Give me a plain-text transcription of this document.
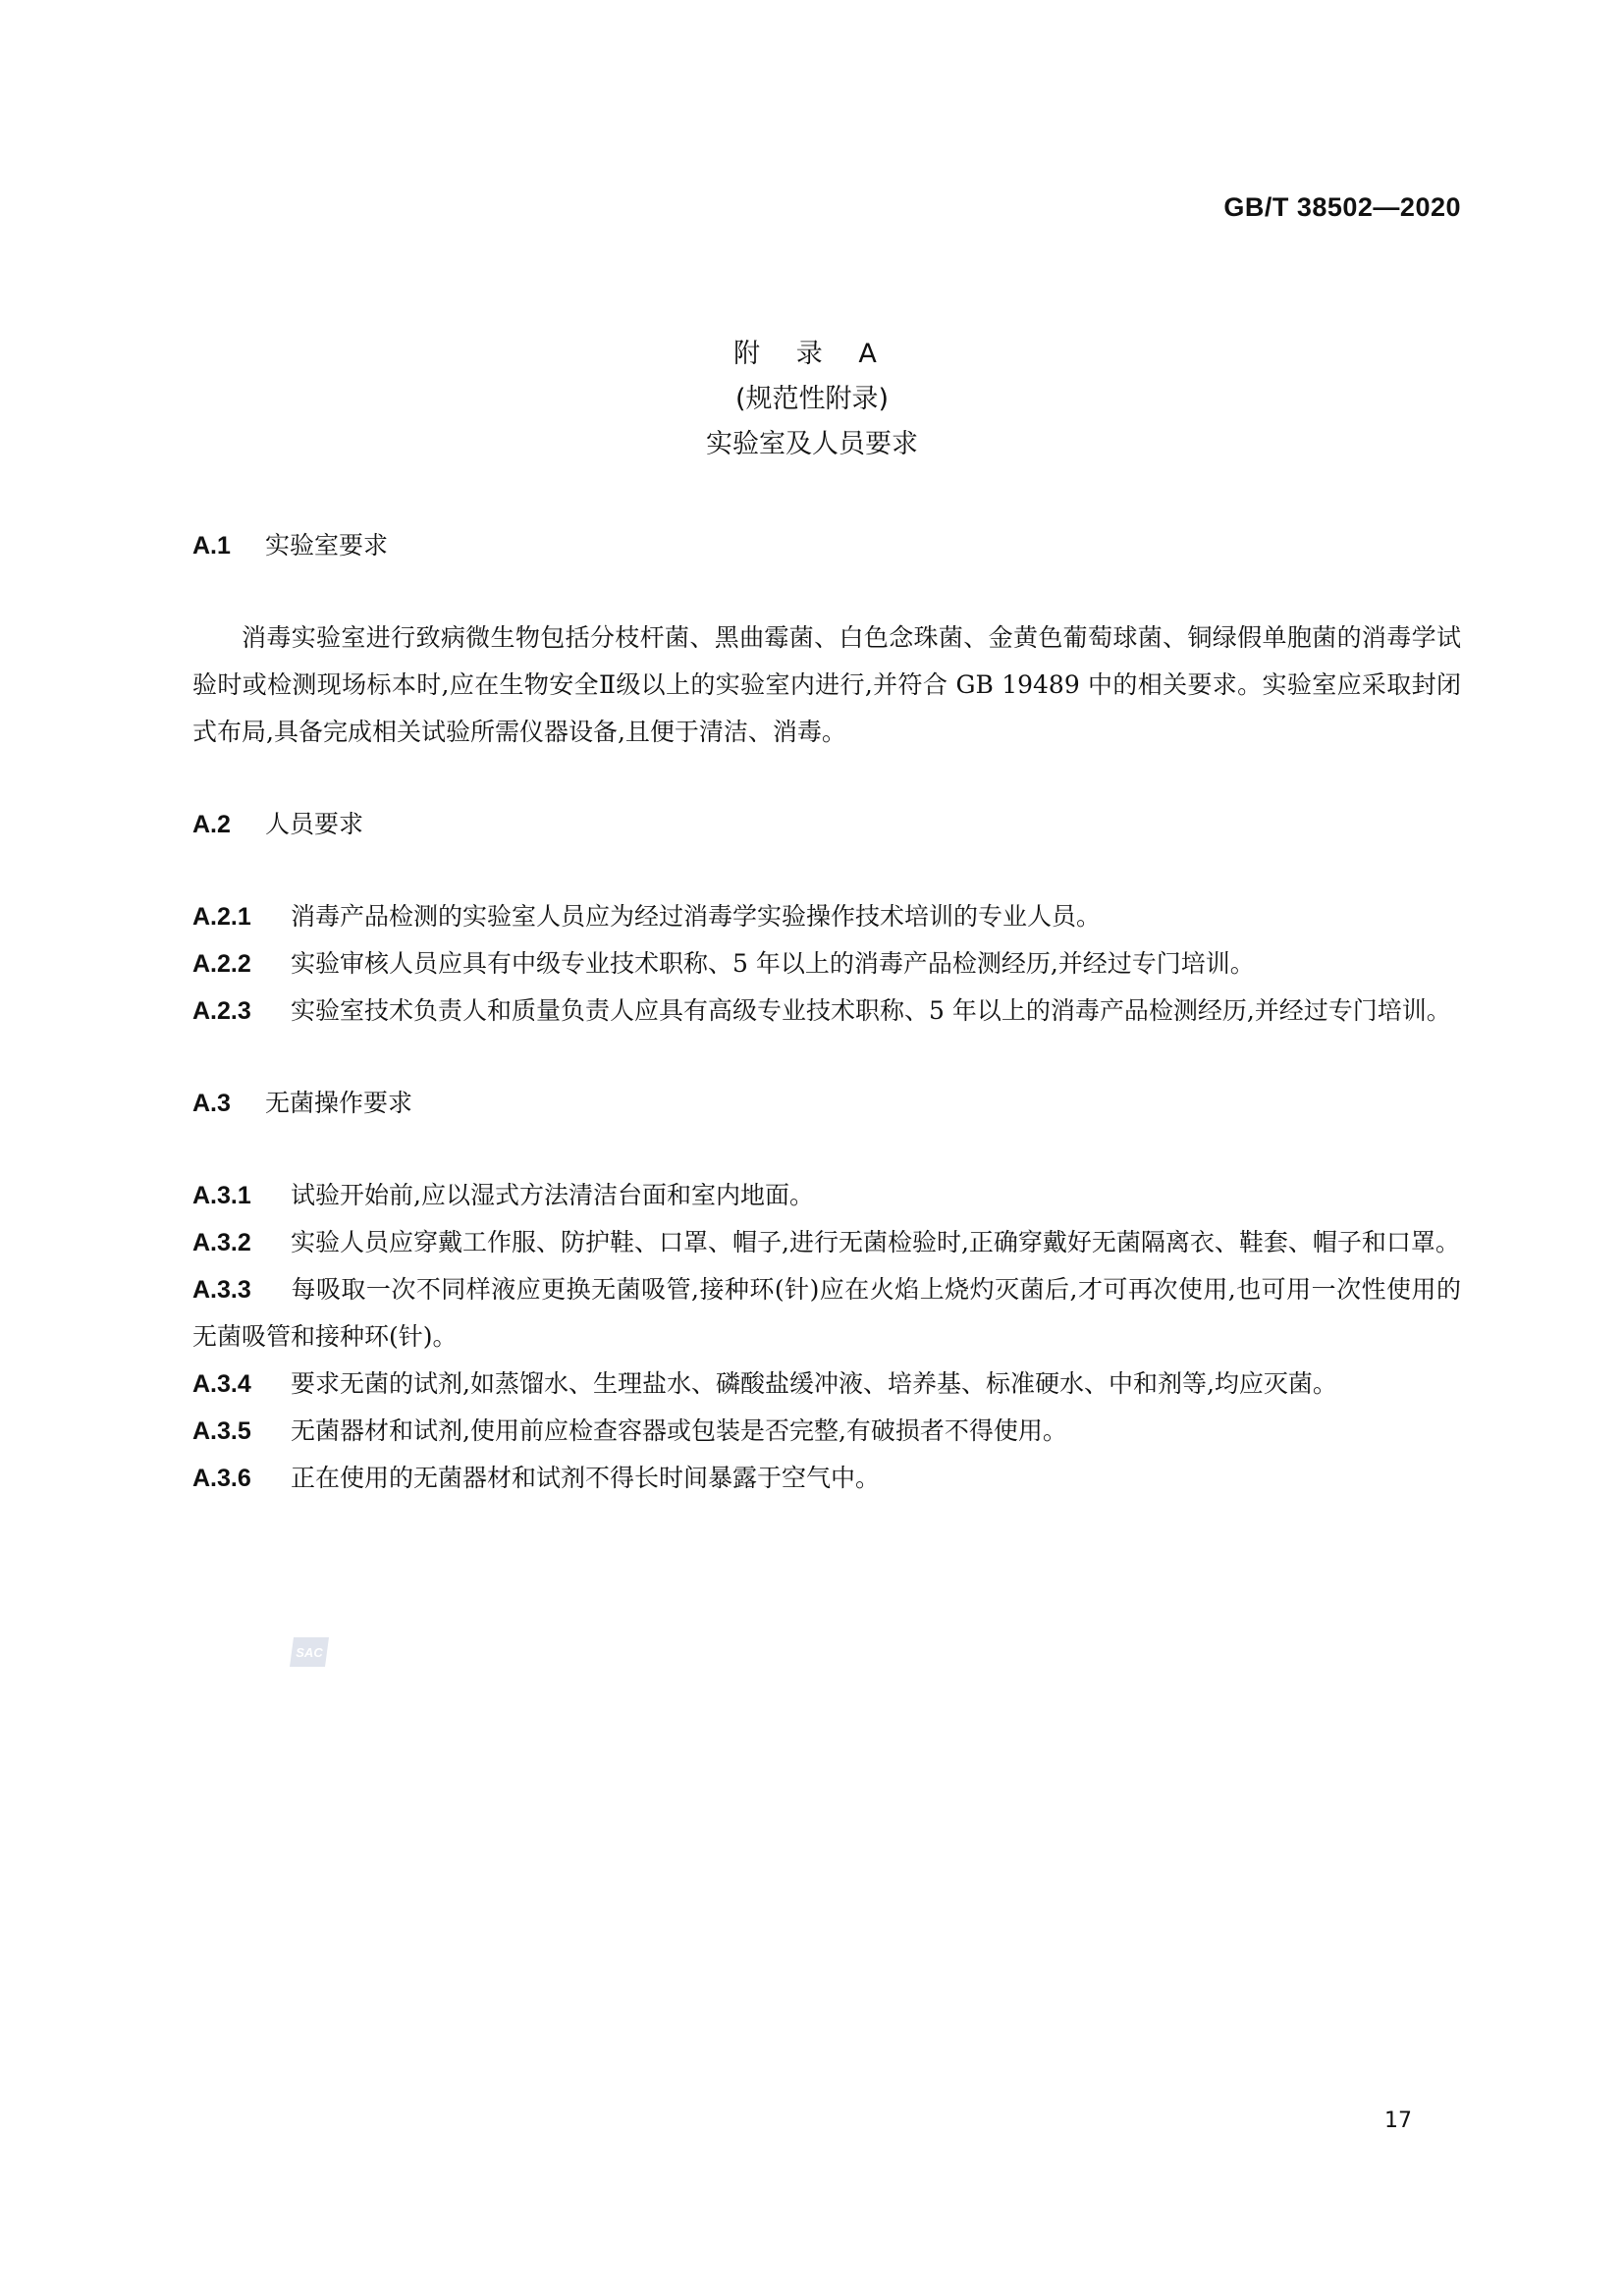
GB/T 38502—2020
附 录 A
(规范性附录)
实验室及人员要求
A.1 实验室要求

消毒实验室进行致病微生物包括分枝杆菌、黑曲霉菌、白色念珠菌、金黄色葡萄球菌、铜绿假单胞菌的消毒学试验时或检测现场标本时,应在生物安全Ⅱ级以上的实验室内进行,并符合 GB 19489 中的相关要求。实验室应采取封闭式布局,具备完成相关试验所需仪器设备,且便于清洁、消毒。

A.2 人员要求

A.2.1 消毒产品检测的实验室人员应为经过消毒学实验操作技术培训的专业人员。

A.2.2 实验审核人员应具有中级专业技术职称、5 年以上的消毒产品检测经历,并经过专门培训。

A.2.3 实验室技术负责人和质量负责人应具有高级专业技术职称、5 年以上的消毒产品检测经历,并经过专门培训。

A.3 无菌操作要求

A.3.1 试验开始前,应以湿式方法清洁台面和室内地面。

A.3.2 实验人员应穿戴工作服、防护鞋、口罩、帽子,进行无菌检验时,正确穿戴好无菌隔离衣、鞋套、帽子和口罩。

A.3.3 每吸取一次不同样液应更换无菌吸管,接种环(针)应在火焰上烧灼灭菌后,才可再次使用,也可用一次性使用的无菌吸管和接种环(针)。

A.3.4 要求无菌的试剂,如蒸馏水、生理盐水、磷酸盐缓冲液、培养基、标准硬水、中和剂等,均应灭菌。

A.3.5 无菌器材和试剂,使用前应检查容器或包装是否完整,有破损者不得使用。

A.3.6 正在使用的无菌器材和试剂不得长时间暴露于空气中。

SAC
17
